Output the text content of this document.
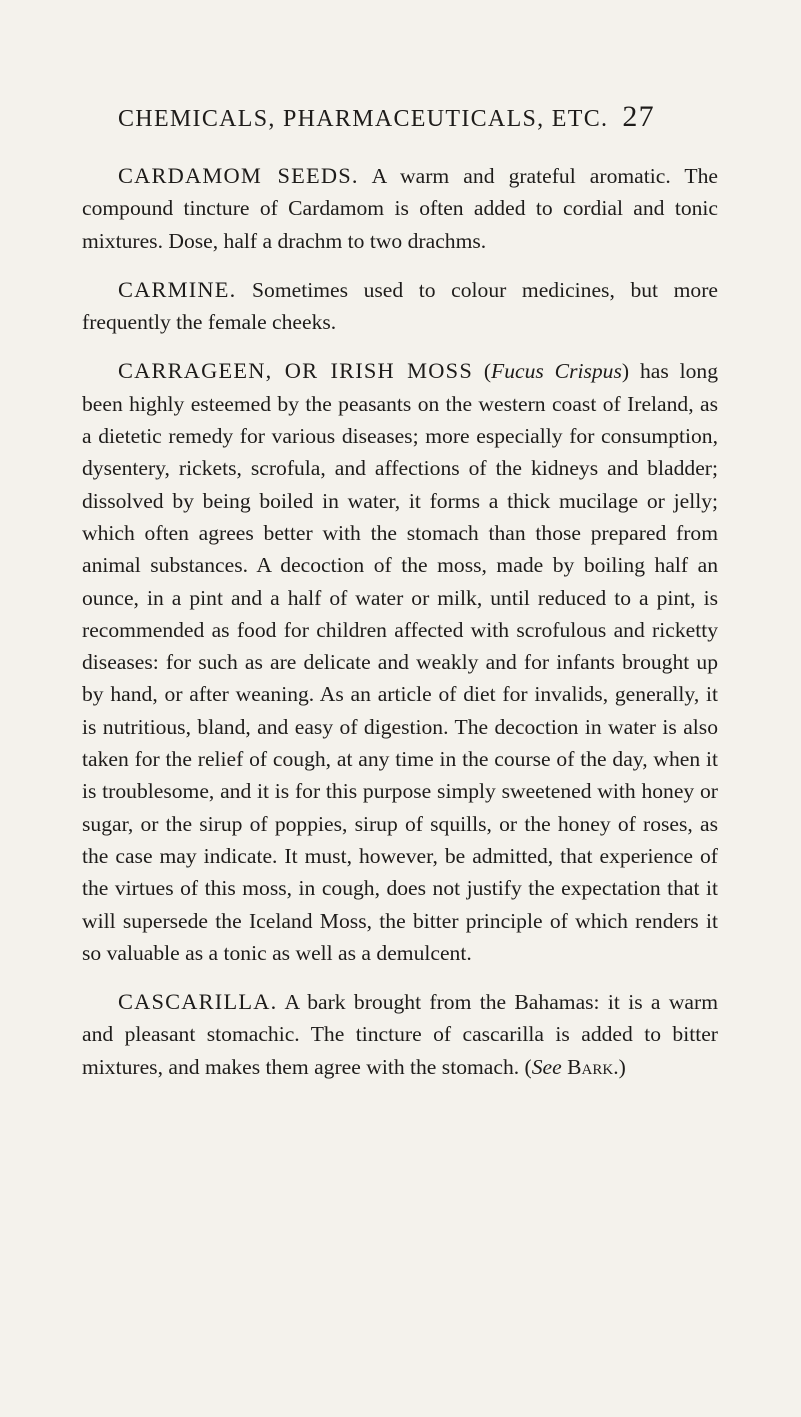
CHEMICALS, PHARMACEUTICALS, ETC. 27

CARDAMOM SEEDS. A warm and grateful aromatic. The compound tincture of Cardamom is often added to cordial and tonic mixtures. Dose, half a drachm to two drachms.

CARMINE. Sometimes used to colour medicines, but more frequently the female cheeks.

CARRAGEEN, OR IRISH MOSS (Fucus Crispus) has long been highly esteemed by the peasants on the western coast of Ireland, as a dietetic remedy for various diseases; more especially for consumption, dysentery, rickets, scrofula, and affections of the kidneys and bladder; dissolved by being boiled in water, it forms a thick mucilage or jelly; which often agrees better with the stomach than those prepared from animal substances. A decoction of the moss, made by boiling half an ounce, in a pint and a half of water or milk, until reduced to a pint, is recommended as food for children affected with scrofulous and ricketty diseases: for such as are delicate and weakly and for infants brought up by hand, or after weaning. As an article of diet for invalids, generally, it is nutritious, bland, and easy of digestion. The decoction in water is also taken for the relief of cough, at any time in the course of the day, when it is troublesome, and it is for this purpose simply sweetened with honey or sugar, or the sirup of poppies, sirup of squills, or the honey of roses, as the case may indicate. It must, however, be admitted, that experience of the virtues of this moss, in cough, does not justify the expectation that it will supersede the Iceland Moss, the bitter principle of which renders it so valuable as a tonic as well as a demulcent.

CASCARILLA. A bark brought from the Bahamas: it is a warm and pleasant stomachic. The tincture of cascarilla is added to bitter mixtures, and makes them agree with the stomach. (See Bark.)
